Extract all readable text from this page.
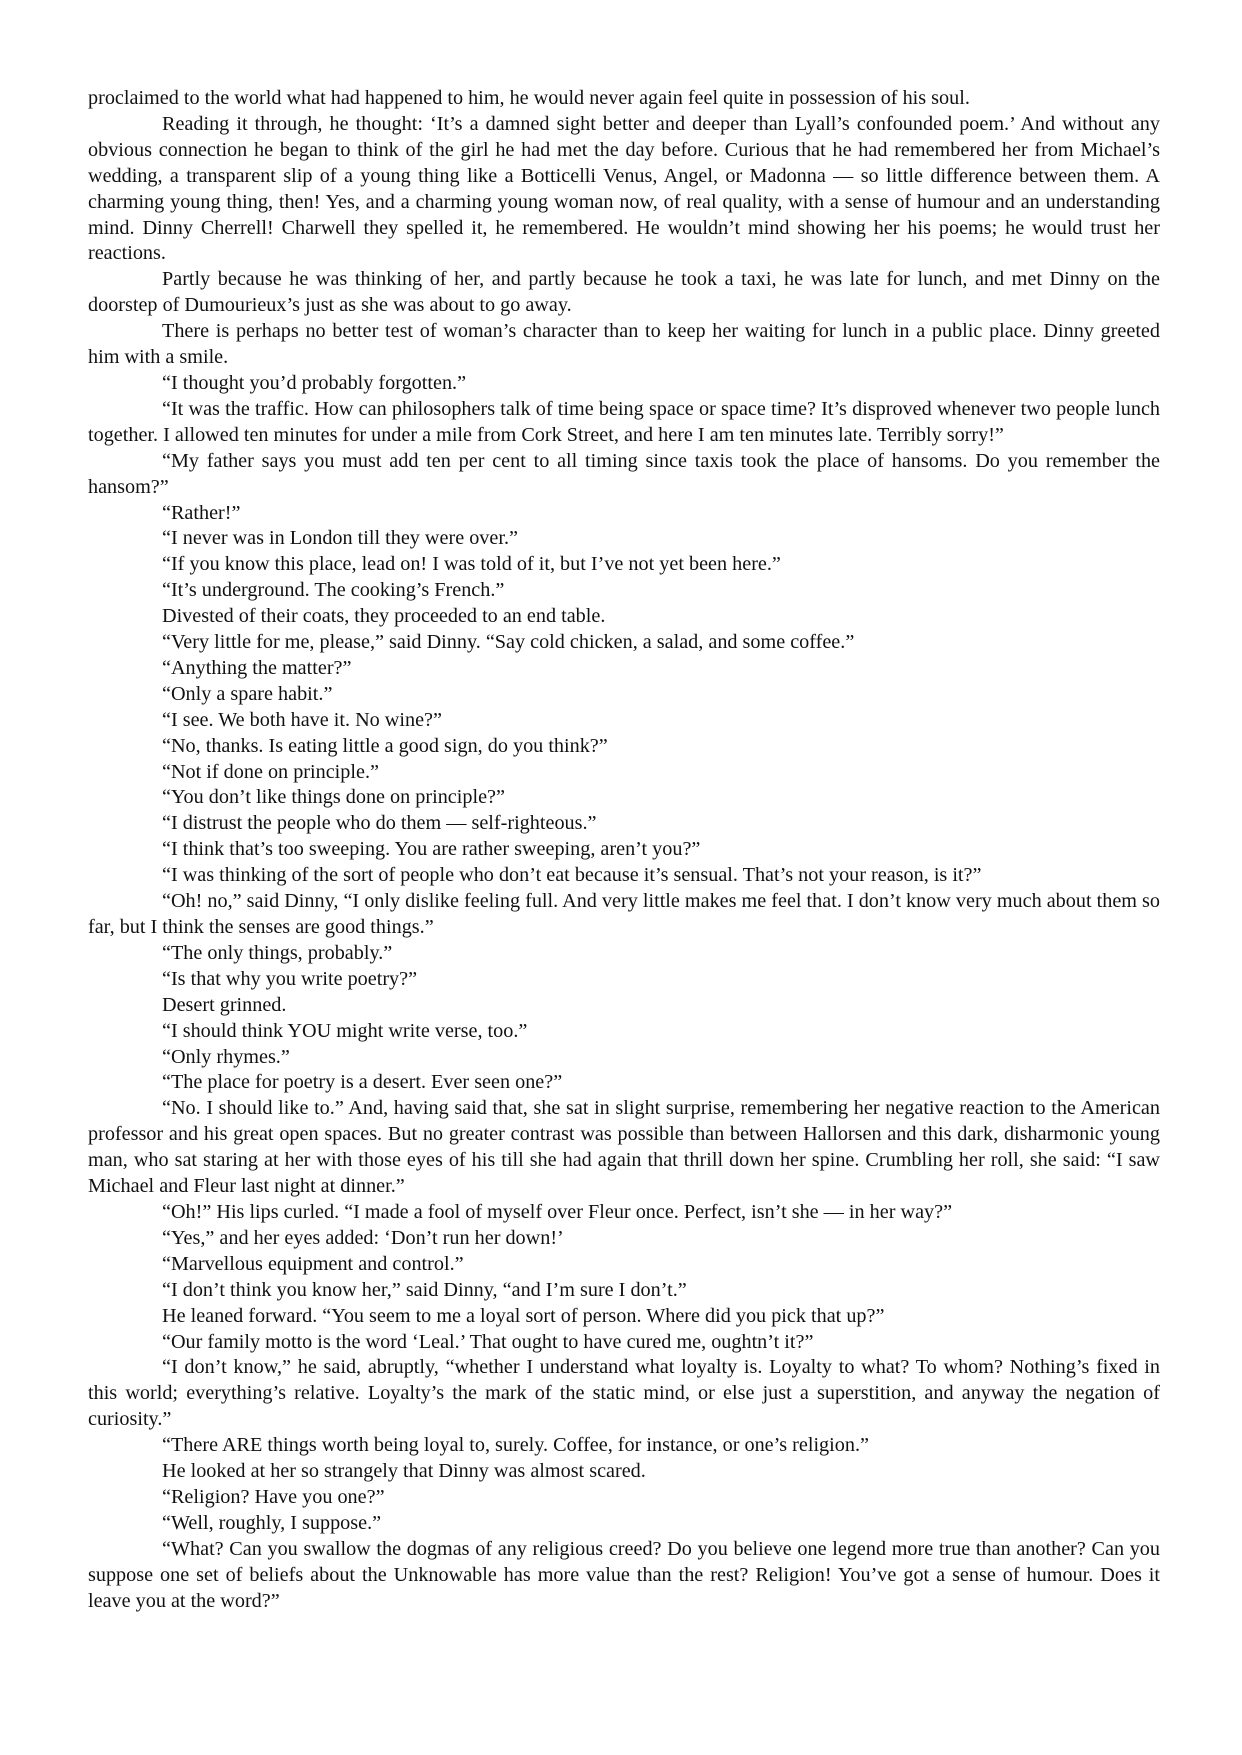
proclaimed to the world what had happened to him, he would never again feel quite in possession of his soul.

Reading it through, he thought: ‘It’s a damned sight better and deeper than Lyall’s confounded poem.’ And without any obvious connection he began to think of the girl he had met the day before. Curious that he had remembered her from Michael’s wedding, a transparent slip of a young thing like a Botticelli Venus, Angel, or Madonna — so little difference between them. A charming young thing, then! Yes, and a charming young woman now, of real quality, with a sense of humour and an understanding mind. Dinny Cherrell! Charwell they spelled it, he remembered. He wouldn’t mind showing her his poems; he would trust her reactions.

Partly because he was thinking of her, and partly because he took a taxi, he was late for lunch, and met Dinny on the doorstep of Dumourieux’s just as she was about to go away.

There is perhaps no better test of woman’s character than to keep her waiting for lunch in a public place. Dinny greeted him with a smile.

“I thought you’d probably forgotten.”

“It was the traffic. How can philosophers talk of time being space or space time? It’s disproved whenever two people lunch together. I allowed ten minutes for under a mile from Cork Street, and here I am ten minutes late. Terribly sorry!”

“My father says you must add ten per cent to all timing since taxis took the place of hansoms. Do you remember the hansom?”

“Rather!”

“I never was in London till they were over.”

“If you know this place, lead on! I was told of it, but I’ve not yet been here.”

“It’s underground. The cooking’s French.”

Divested of their coats, they proceeded to an end table.

“Very little for me, please,” said Dinny. “Say cold chicken, a salad, and some coffee.”

“Anything the matter?”

“Only a spare habit.”

“I see. We both have it. No wine?”

“No, thanks. Is eating little a good sign, do you think?”

“Not if done on principle.”

“You don’t like things done on principle?”

“I distrust the people who do them — self-righteous.”

“I think that’s too sweeping. You are rather sweeping, aren’t you?”

“I was thinking of the sort of people who don’t eat because it’s sensual. That’s not your reason, is it?”

“Oh! no,” said Dinny, “I only dislike feeling full. And very little makes me feel that. I don’t know very much about them so far, but I think the senses are good things.”

“The only things, probably.”

“Is that why you write poetry?”

Desert grinned.

“I should think YOU might write verse, too.”

“Only rhymes.”

“The place for poetry is a desert. Ever seen one?”

“No. I should like to.” And, having said that, she sat in slight surprise, remembering her negative reaction to the American professor and his great open spaces. But no greater contrast was possible than between Hallorsen and this dark, disharmonic young man, who sat staring at her with those eyes of his till she had again that thrill down her spine. Crumbling her roll, she said: “I saw Michael and Fleur last night at dinner.”

“Oh!” His lips curled. “I made a fool of myself over Fleur once. Perfect, isn’t she — in her way?”

“Yes,” and her eyes added: ‘Don’t run her down!’

“Marvellous equipment and control.”

“I don’t think you know her,” said Dinny, “and I’m sure I don’t.”

He leaned forward. “You seem to me a loyal sort of person. Where did you pick that up?”

“Our family motto is the word ‘Leal.’ That ought to have cured me, oughtn’t it?”

“I don’t know,” he said, abruptly, “whether I understand what loyalty is. Loyalty to what? To whom? Nothing’s fixed in this world; everything’s relative. Loyalty’s the mark of the static mind, or else just a superstition, and anyway the negation of curiosity.”

“There ARE things worth being loyal to, surely. Coffee, for instance, or one’s religion.”

He looked at her so strangely that Dinny was almost scared.

“Religion? Have you one?”

“Well, roughly, I suppose.”

“What? Can you swallow the dogmas of any religious creed? Do you believe one legend more true than another? Can you suppose one set of beliefs about the Unknowable has more value than the rest? Religion! You’ve got a sense of humour. Does it leave you at the word?”
